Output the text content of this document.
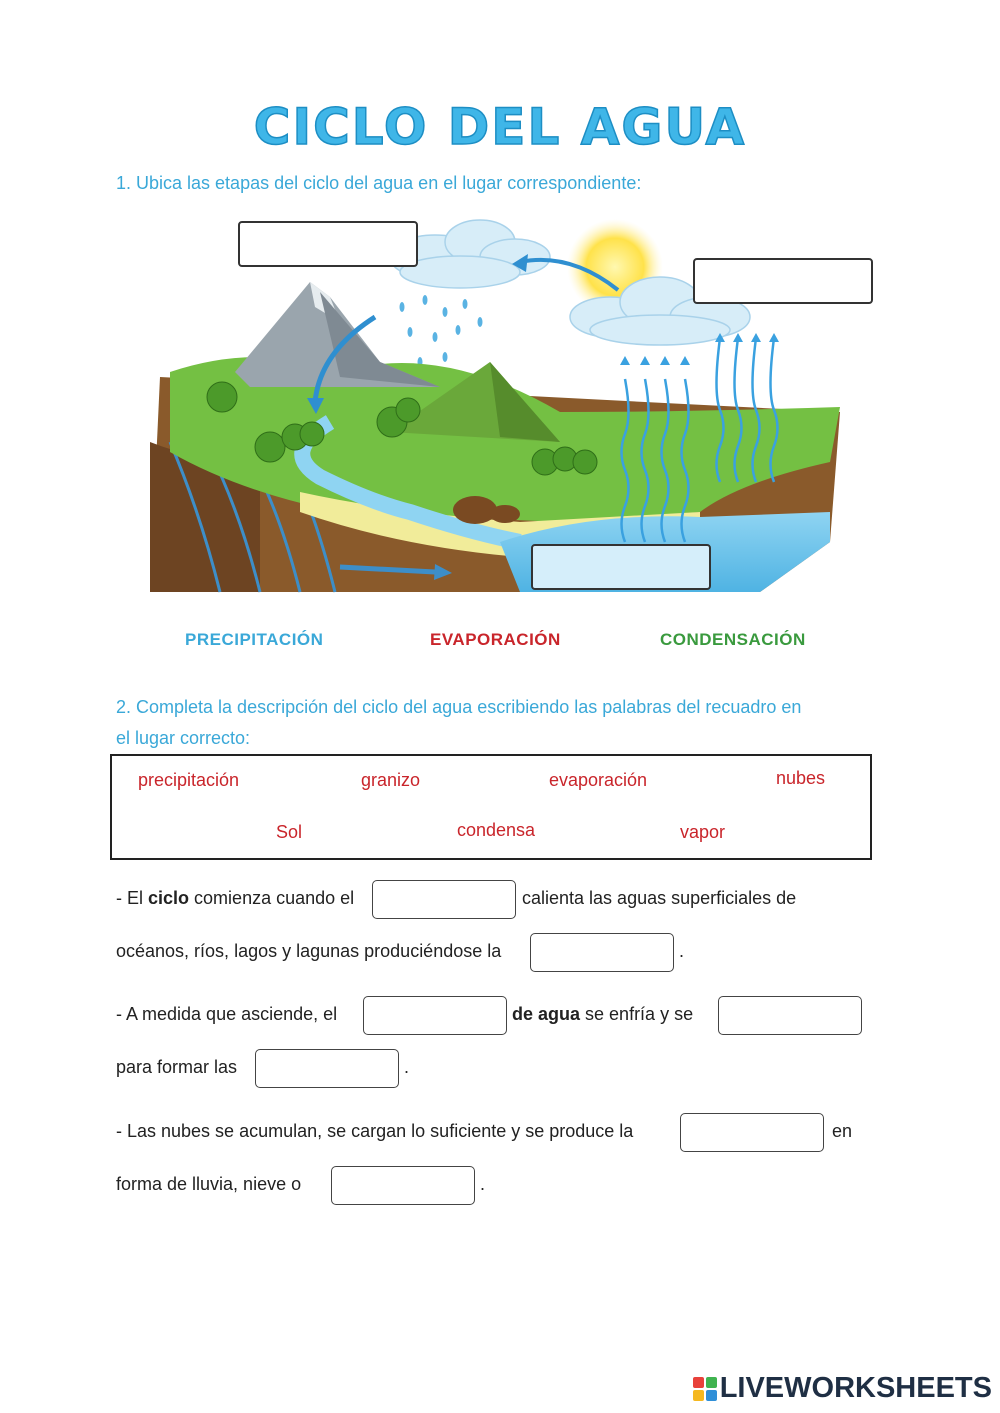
CICLO DEL AGUA
1. Ubica las etapas del ciclo del agua en el lugar correspondiente:
PRECIPITACIÓN	EVAPORACIÓN	CONDENSACIÓN
2. Completa la descripción del ciclo del agua escribiendo las palabras del recuadro en
el lugar correcto:
precipitación	granizo	evaporación	nubes
Sol	condensa	vapor
- El ciclo comienza cuando el	calienta las aguas superficiales de
océanos, ríos, lagos y lagunas produciéndose la	.
- A medida que asciende, el	de agua se enfría y se
para formar las	.
- Las nubes se acumulan, se cargan lo suficiente y se produce la	en
forma de lluvia, nieve o	.
LIVEWORKSHEETS
